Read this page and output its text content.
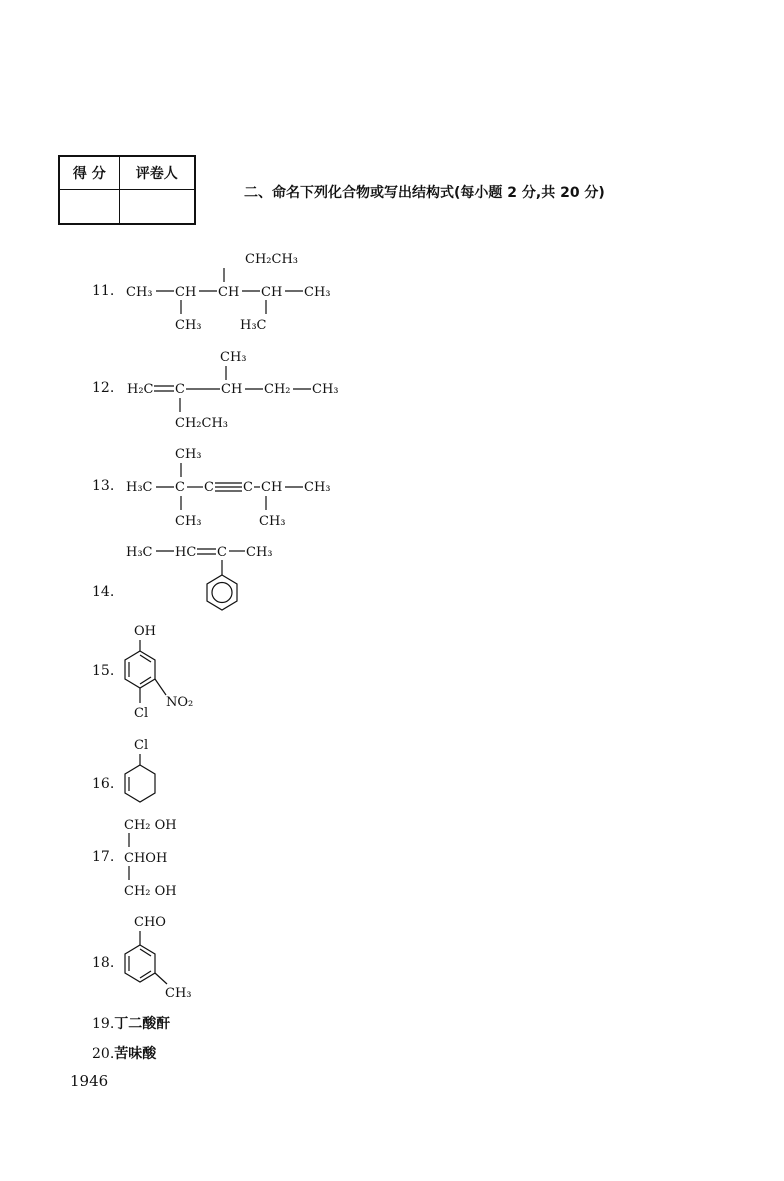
得 分	评卷人

二、命名下列化合物或写出结构式(每小题 2 分,共 20 分)
11.
12.
13.
14.
15.
16.
17.
18.
19.丁二酸酐
20.苦味酸
CH₂CH₃
CH₃ CH CH CH CH₃
CH₃	H₃C
CH₃
H₂C C	CH CH₂ CH₃
CH₂CH₃
CH₃
H₃C C C C CH CH₃
CH₃	CH₃
H₃C HC C CH₃
OH
NO₂
Cl
Cl
CH₂ OH
CHOH
CH₂ OH
CHO
CH₃
1946
